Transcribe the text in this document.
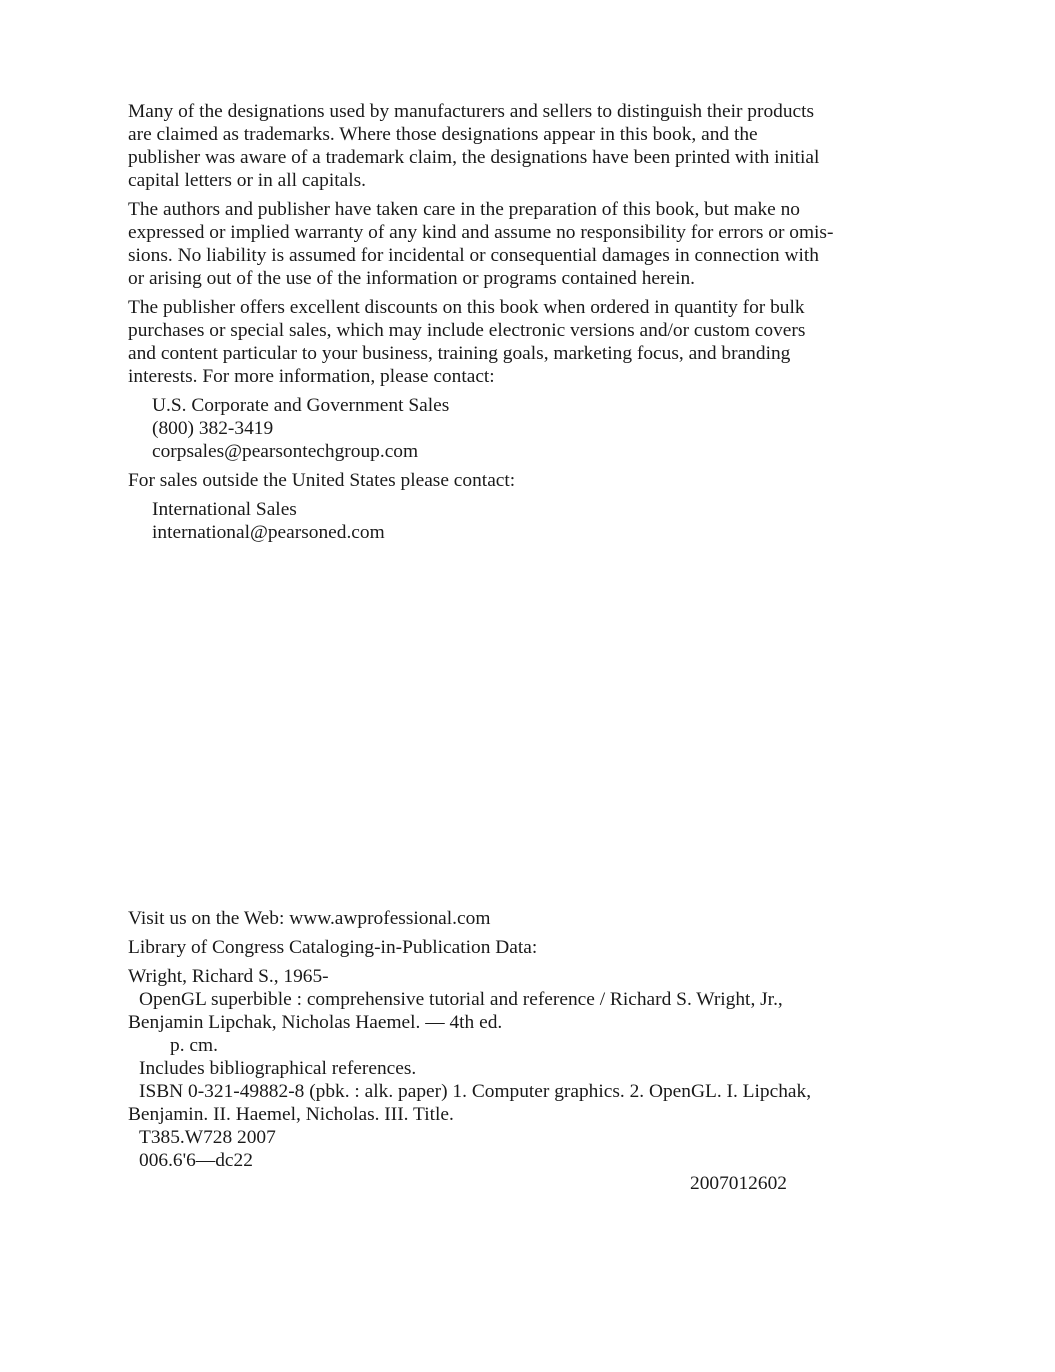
Many of the designations used by manufacturers and sellers to distinguish their products
are claimed as trademarks. Where those designations appear in this book, and the
publisher was aware of a trademark claim, the designations have been printed with initial
capital letters or in all capitals.

The authors and publisher have taken care in the preparation of this book, but make no
expressed or implied warranty of any kind and assume no responsibility for errors or omis-
sions. No liability is assumed for incidental or consequential damages in connection with
or arising out of the use of the information or programs contained herein.

The publisher offers excellent discounts on this book when ordered in quantity for bulk
purchases or special sales, which may include electronic versions and/or custom covers
and content particular to your business, training goals, marketing focus, and branding
interests. For more information, please contact:

U.S. Corporate and Government Sales
(800) 382-3419
corpsales@pearsontechgroup.com
For sales outside the United States please contact:
International Sales
international@pearsoned.com
Visit us on the Web: www.awprofessional.com
Library of Congress Cataloging-in-Publication Data:
Wright, Richard S., 1965-
OpenGL superbible : comprehensive tutorial and reference / Richard S. Wright, Jr.,
Benjamin Lipchak, Nicholas Haemel. — 4th ed.
p. cm.
Includes bibliographical references.
ISBN 0-321-49882-8 (pbk. : alk. paper) 1. Computer graphics. 2. OpenGL. I. Lipchak,
Benjamin. II. Haemel, Nicholas. III. Title.
T385.W728 2007
006.6'6—dc22
2007012602
